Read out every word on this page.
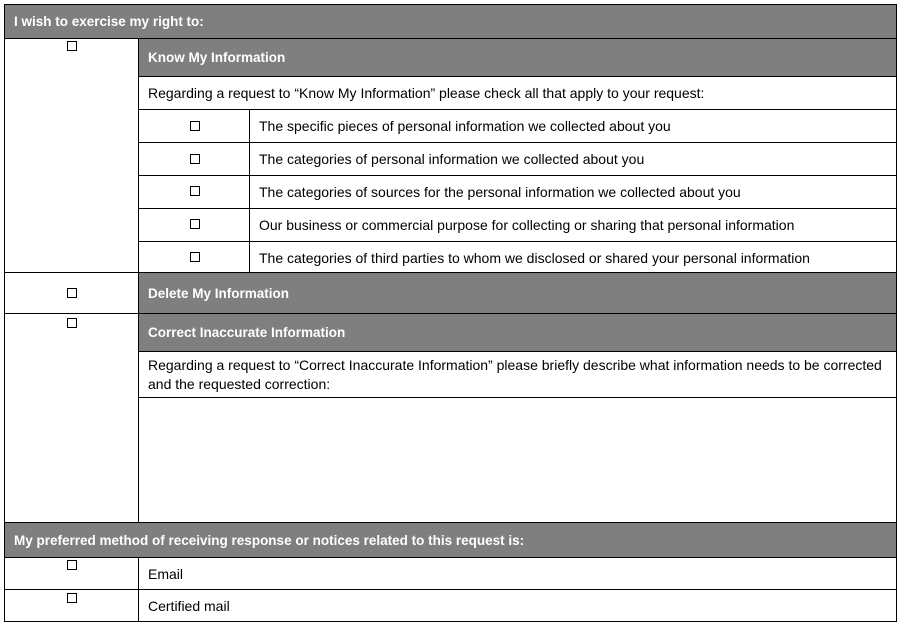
I wish to exercise my right to:
Know My Information
Regarding a request to “Know My Information” please check all that apply to your request:
The specific pieces of personal information we collected about you
The categories of personal information we collected about you
The categories of sources for the personal information we collected about you
Our business or commercial purpose for collecting or sharing that personal information
The categories of third parties to whom we disclosed or shared your personal information
Delete My Information
Correct Inaccurate Information
Regarding a request to “Correct Inaccurate Information” please briefly describe what information needs to be corrected and the requested correction:
My preferred method of receiving response or notices related to this request is:
Email
Certified mail
